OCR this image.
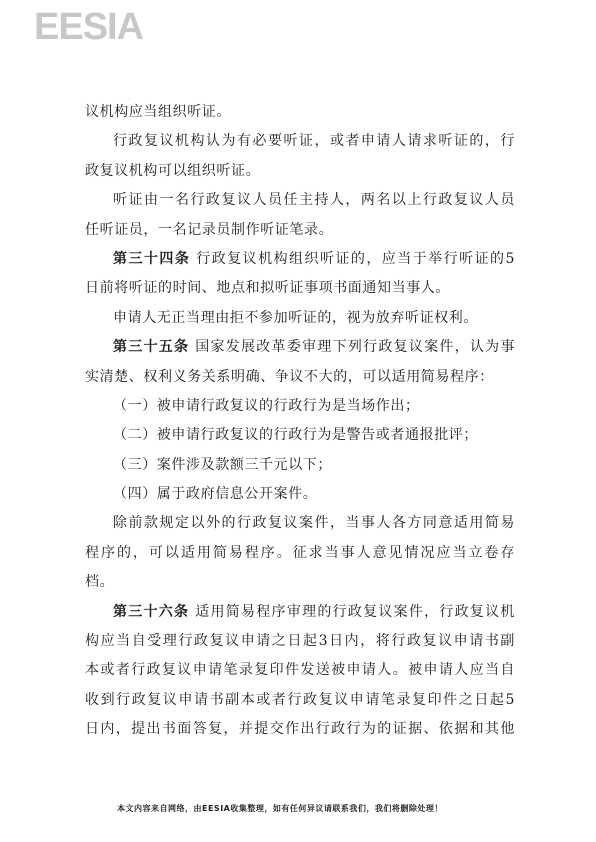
EESIA
议机构应当组织听证。
行政复议机构认为有必要听证，或者申请人请求听证的，行
政复议机构可以组织听证。
听证由一名行政复议人员任主持人，两名以上行政复议人员
任听证员，一名记录员制作听证笔录。
第三十四条 行政复议机构组织听证的，应当于举行听证的5
日前将听证的时间、地点和拟听证事项书面通知当事人。
申请人无正当理由拒不参加听证的，视为放弃听证权利。
第三十五条 国家发展改革委审理下列行政复议案件，认为事
实清楚、权利义务关系明确、争议不大的，可以适用简易程序：
（一）被申请行政复议的行政行为是当场作出；
（二）被申请行政复议的行政行为是警告或者通报批评；
（三）案件涉及款额三千元以下；
（四）属于政府信息公开案件。
除前款规定以外的行政复议案件，当事人各方同意适用简易
程序的，可以适用简易程序。征求当事人意见情况应当立卷存
档。
第三十六条 适用简易程序审理的行政复议案件，行政复议机
构应当自受理行政复议申请之日起3日内，将行政复议申请书副
本或者行政复议申请笔录复印件发送被申请人。被申请人应当自
收到行政复议申请书副本或者行政复议申请笔录复印件之日起5
日内，提出书面答复，并提交作出行政行为的证据、依据和其他
本文内容来自网络，由EESIA收集整理，如有任何异议请联系我们，我们将删除处理！
